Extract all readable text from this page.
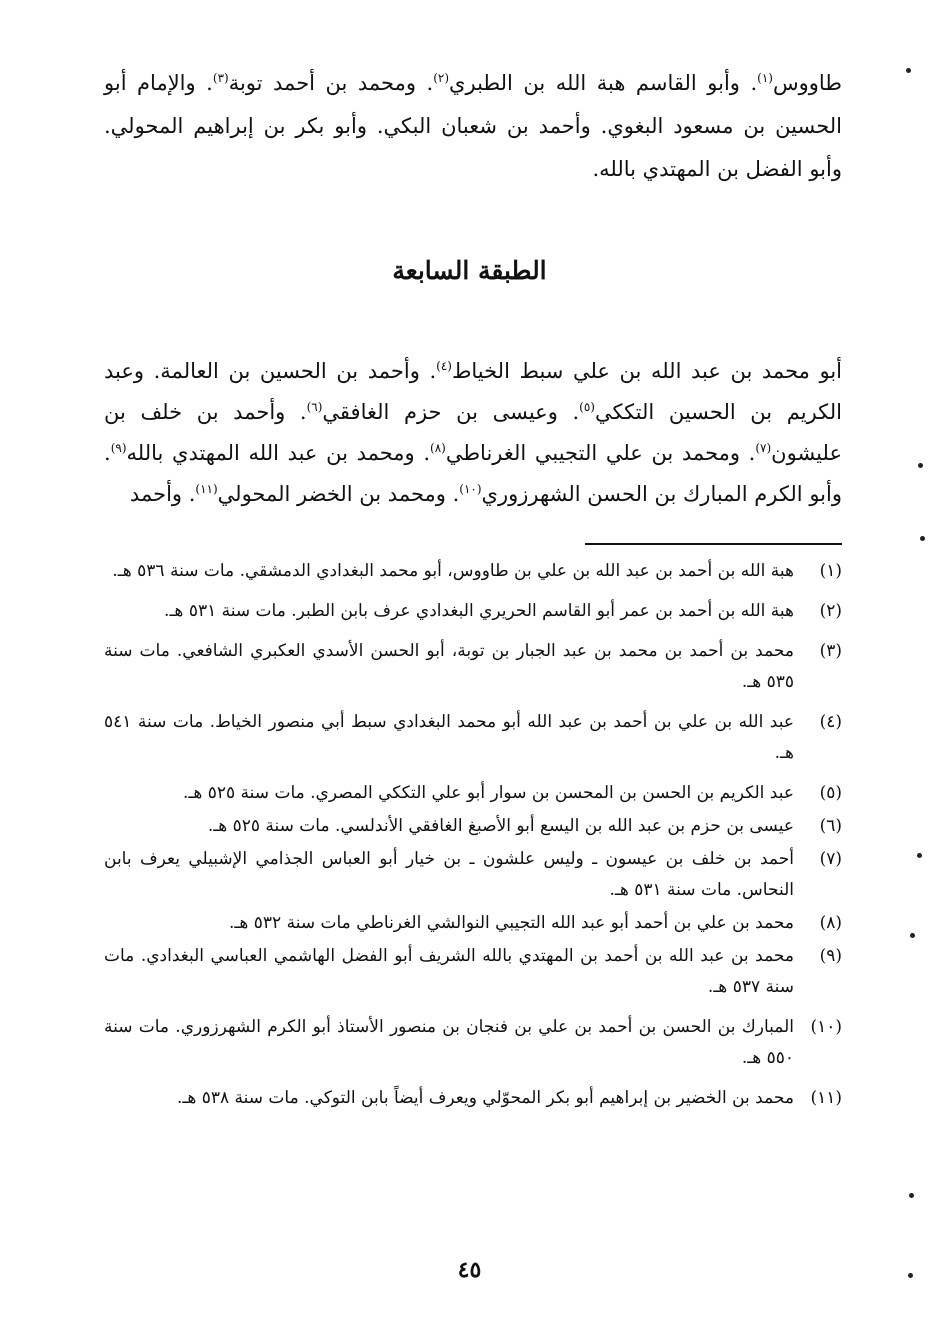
طاووس$^{(١)}$. وأبو القاسم هبة الله بن الطبري$^{(٢)}$. ومحمد بن أحمد توبة$^{(٣)}$. والإمام أبو الحسين بن مسعود البغوي. وأحمد بن شعبان البكي. وأبو بكر بن إبراهيم المحولي. وأبو الفضل بن المهتدي بالله.
الطبقة السابعة
أبو محمد بن عبد الله بن علي سبط الخياط$^{(٤)}$. وأحمد بن الحسين بن العالمة. وعبد الكريم بن الحسين التككي$^{(٥)}$. وعيسى بن حزم الغافقي$^{(٦)}$. وأحمد بن خلف بن عليشون$^{(٧)}$. ومحمد بن علي التجيبي الغرناطي$^{(٨)}$. ومحمد بن عبد الله المهتدي بالله$^{(٩)}$. وأبو الكرم المبارك بن الحسن الشهرزوري$^{(١٠)}$. ومحمد بن الخضر المحولي$^{(١١)}$. وأحمد
(١)
هبة الله بن أحمد بن عبد الله بن علي بن طاووس، أبو محمد البغدادي الدمشقي. مات سنة ٥٣٦ هـ.
(٢)
هبة الله بن أحمد بن عمر أبو القاسم الحريري البغدادي عرف بابن الطبر. مات سنة ٥٣١ هـ.
(٣)
محمد بن أحمد بن محمد بن عبد الجبار بن توبة، أبو الحسن الأسدي العكبري الشافعي. مات سنة ٥٣٥ هـ.
(٤)
عبد الله بن علي بن أحمد بن عبد الله أبو محمد البغدادي سبط أبي منصور الخياط. مات سنة ٥٤١ هـ.
(٥)
عبد الكريم بن الحسن بن المحسن بن سوار أبو علي التككي المصري. مات سنة ٥٢٥ هـ.
(٦)
عيسى بن حزم بن عبد الله بن اليسع أبو الأصبغ الغافقي الأندلسي. مات سنة ٥٢٥ هـ.
(٧)
أحمد بن خلف بن عيسون ـ وليس علشون ـ بن خيار أبو العباس الجذامي الإشبيلي يعرف بابن النحاس. مات سنة ٥٣١ هـ.
(٨)
محمد بن علي بن أحمد أبو عبد الله التجيبي النوالشي الغرناطي مات سنة ٥٣٢ هـ.
(٩)
محمد بن عبد الله بن أحمد بن المهتدي بالله الشريف أبو الفضل الهاشمي العباسي البغدادي. مات سنة ٥٣٧ هـ.
(١٠)
المبارك بن الحسن بن أحمد بن علي بن فنجان بن منصور الأستاذ أبو الكرم الشهرزوري. مات سنة ٥٥٠ هـ.
(١١)
محمد بن الخضير بن إبراهيم أبو بكر المحوّلي ويعرف أيضاً بابن التوكي. مات سنة ٥٣٨ هـ.
٤٥
